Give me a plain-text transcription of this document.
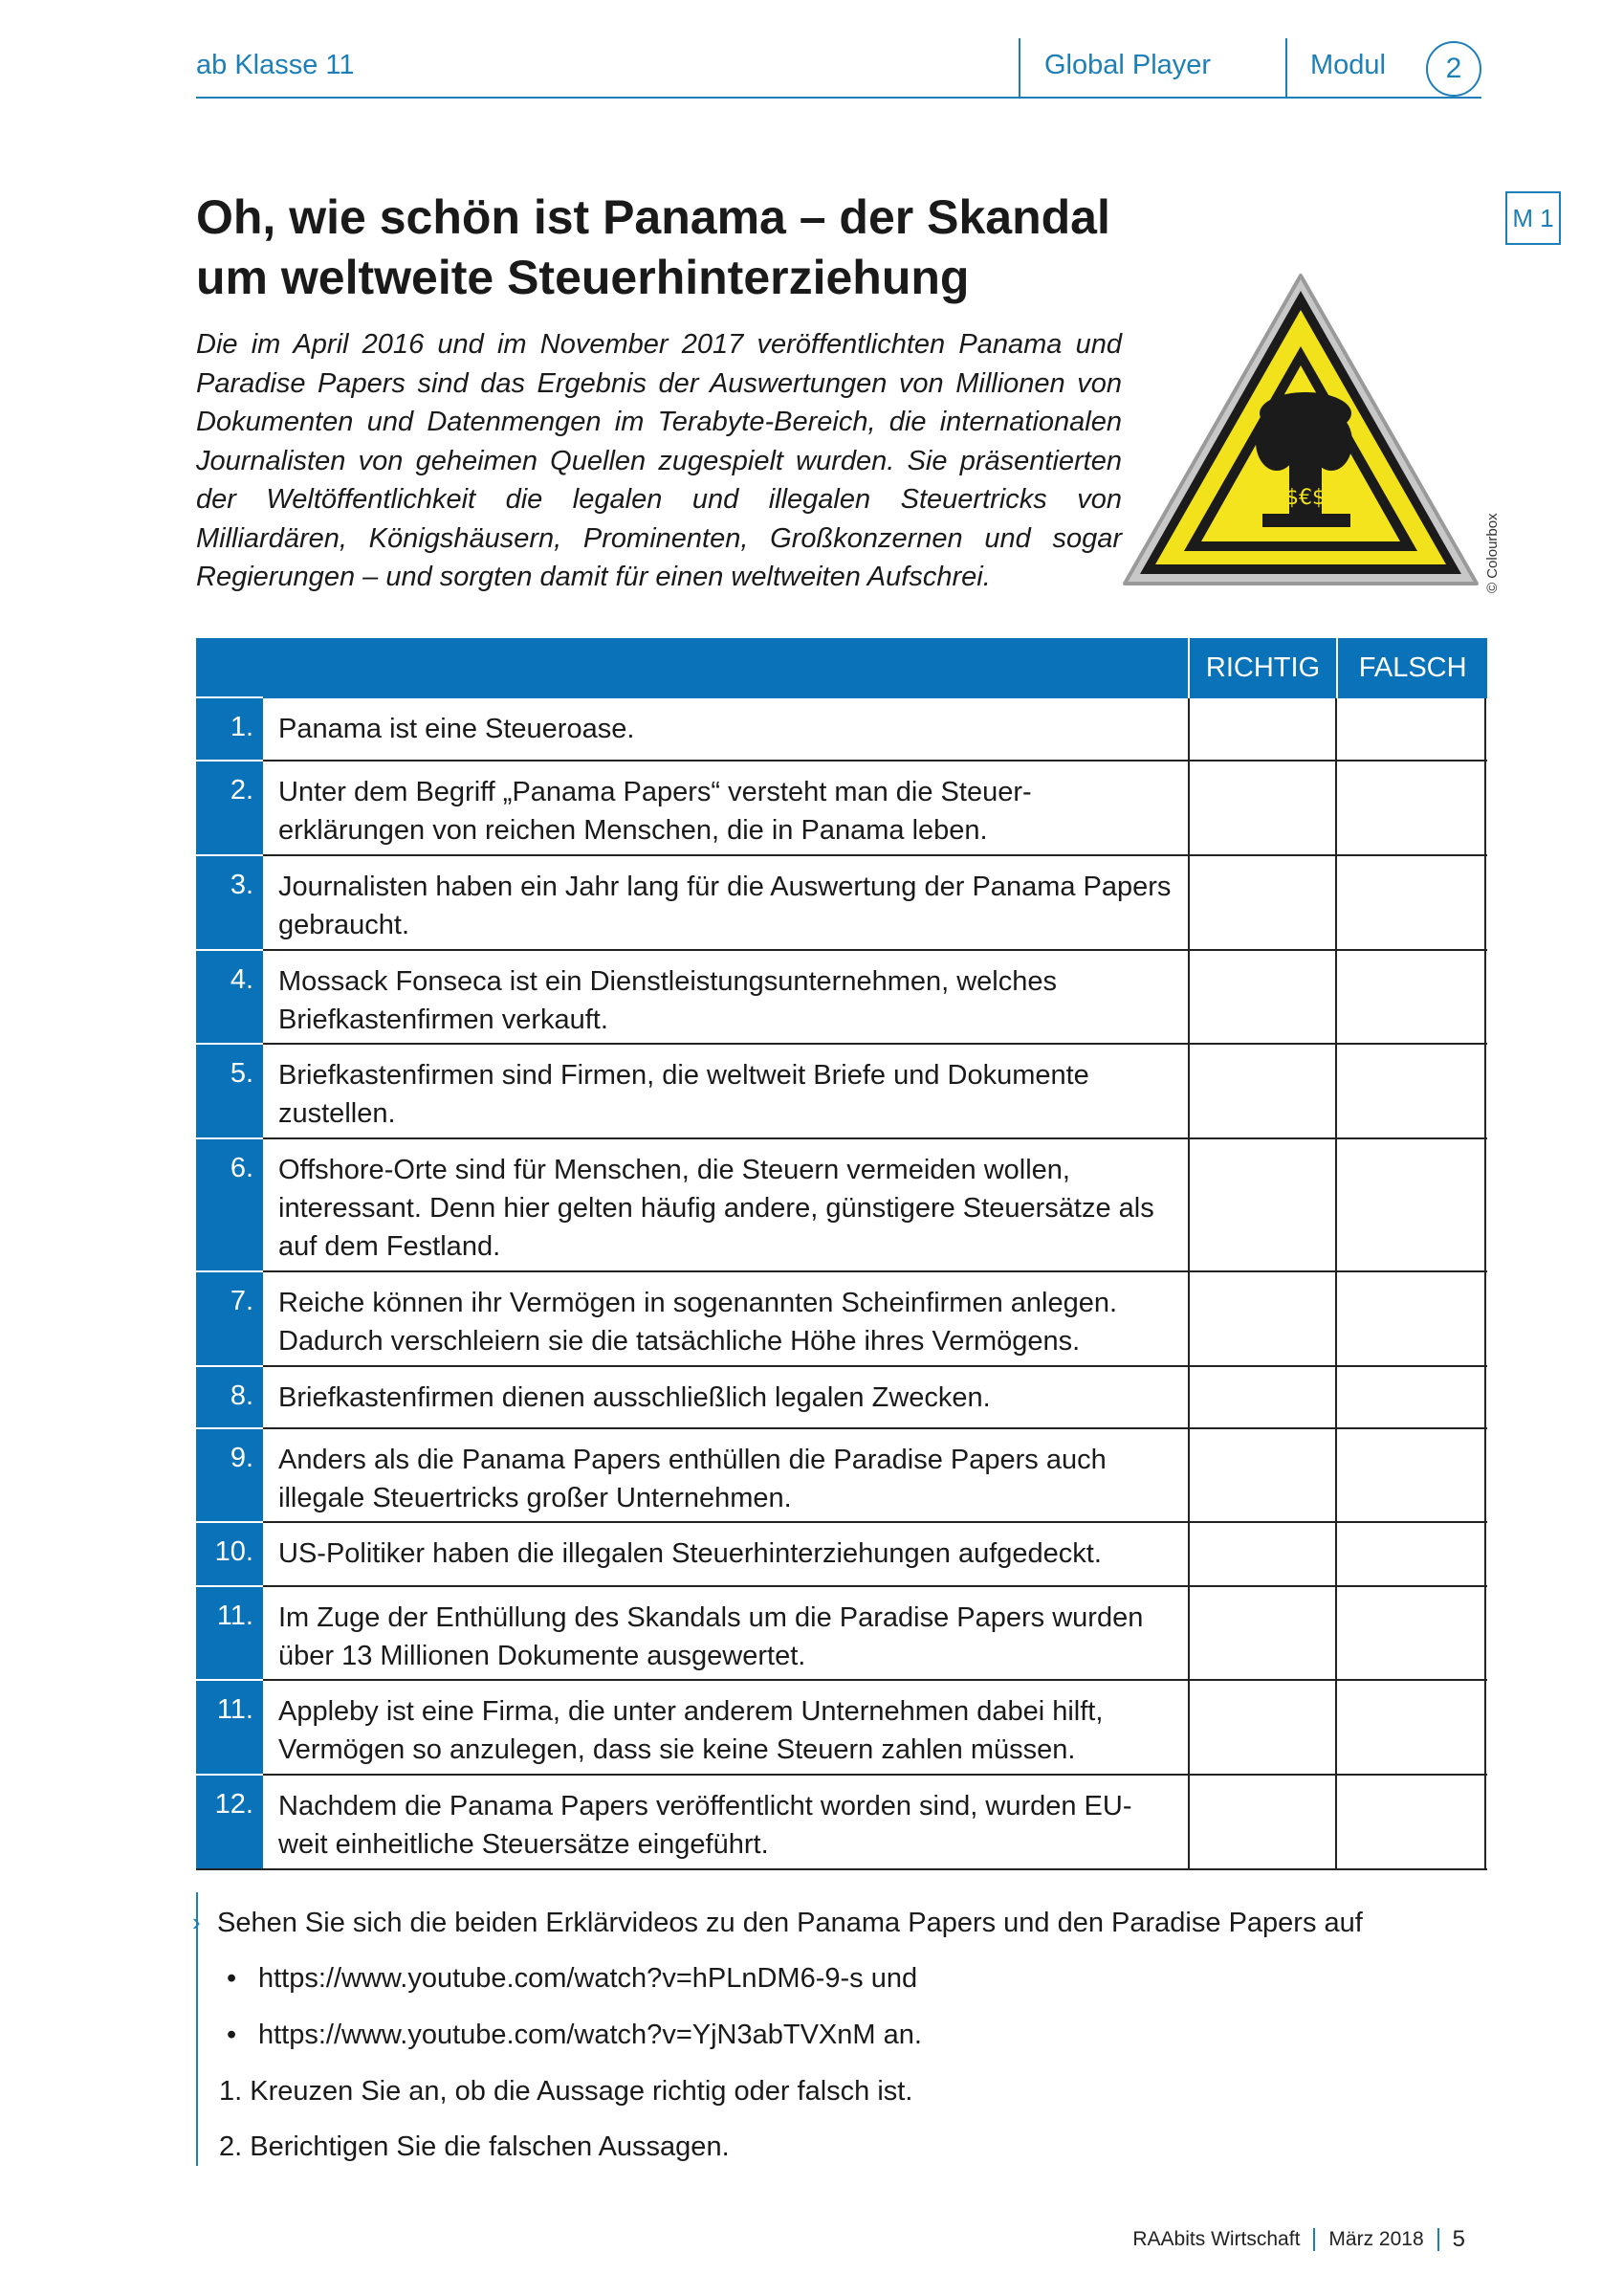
ab Klasse 11	Global Player	Modul	2
M 1
Oh, wie schön ist Panama – der Skandal
um weltweite Steuerhinterziehung
Die im April 2016 und im November 2017 veröffentlichten Panama und Paradise Papers sind das Ergebnis der Auswertungen von Millionen von Dokumenten und Datenmengen im Terabyte-Bereich, die internationalen Journalisten von geheimen Quellen zugespielt wurden. Sie präsentierten der Weltöffentlichkeit die legalen und illegalen Steuertricks von Milliardären, Königshäusern, Prominenten, Großkonzernen und sogar Regierungen – und sorgten damit für einen weltweiten Aufschrei.
$€$
© Colourbox
RICHTIG	FALSCH
1. Panama ist eine Steueroase.
2. Unter dem Begriff „Panama Papers“ versteht man die Steuer-erklärungen von reichen Menschen, die in Panama leben.
3. Journalisten haben ein Jahr lang für die Auswertung der Panama Papers gebraucht.
4. Mossack Fonseca ist ein Dienstleistungsunternehmen, welches Briefkastenfirmen verkauft.
5. Briefkastenfirmen sind Firmen, die weltweit Briefe und Dokumente zustellen.
6. Offshore-Orte sind für Menschen, die Steuern vermeiden wollen, interessant. Denn hier gelten häufig andere, günstigere Steuersätze als auf dem Festland.
7. Reiche können ihr Vermögen in sogenannten Scheinfirmen anlegen. Dadurch verschleiern sie die tatsächliche Höhe ihres Vermögens.
8. Briefkastenfirmen dienen ausschließlich legalen Zwecken.
9. Anders als die Panama Papers enthüllen die Paradise Papers auch illegale Steuertricks großer Unternehmen.
10. US-Politiker haben die illegalen Steuerhinterziehungen aufgedeckt.
11. Im Zuge der Enthüllung des Skandals um die Paradise Papers wurden über 13 Millionen Dokumente ausgewertet.
11. Appleby ist eine Firma, die unter anderem Unternehmen dabei hilft, Vermögen so anzulegen, dass sie keine Steuern zahlen müssen.
12. Nachdem die Panama Papers veröffentlicht worden sind, wurden EU-weit einheitliche Steuersätze eingeführt.
› Sehen Sie sich die beiden Erklärvideos zu den Panama Papers und den Paradise Papers auf
• https://www.youtube.com/watch?v=hPLnDM6-9-s und
• https://www.youtube.com/watch?v=YjN3abTVXnM an.
1. Kreuzen Sie an, ob die Aussage richtig oder falsch ist.
2. Berichtigen Sie die falschen Aussagen.
RAAbits Wirtschaft März 2018 5
